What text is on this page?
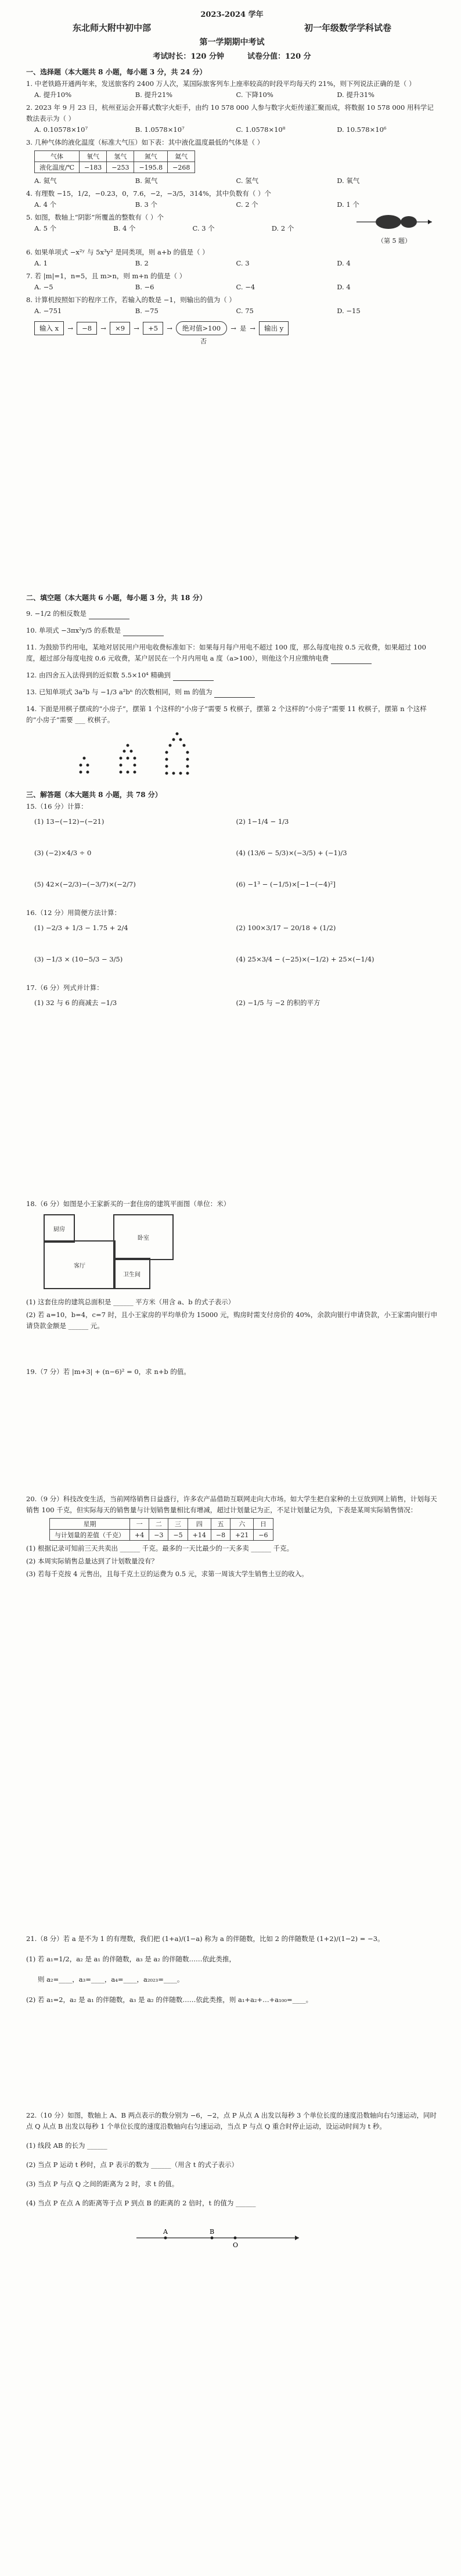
2023-2024 学年
东北师大附中初中部	初一年级数学学科试卷
第一学期期中考试
考试时长：120 分钟	试卷分值：120 分
一、选择题（本大题共 8 小题，每小题 3 分，共 24 分）
1. 中老铁路开通两年来，发送旅客约 2400 万人次，某国际旅客列车上座率较高的时段平均每天约 21%，则下列说法正确的是（ ）
A. 提升10%	B. 提升21%	C. 下降10%	D. 提升31%
2. 2023 年 9 月 23 日，杭州亚运会开幕式数字火炬手，由约 10 578 000 人参与数字火炬传递汇聚而成，将数据 10 578 000 用科学记数法表示为（ ）
A. 0.10578×10⁷	B. 1.0578×10⁷	C. 1.0578×10⁸	D. 10.578×10⁶
3. 几种气体的液化温度（标准大气压）如下表：其中液化温度最低的气体是（ ）
气体	氧气	氢气	氮气	氦气
液化温度/℃	−183	−253	−195.8	−268
A. 氦气	B. 氮气	C. 氢气	D. 氧气
4. 有理数 −15，1/2，−0.23，0，7.6，−2，−3/5，314%，其中负数有（ ）个
A. 4 个	B. 3 个	C. 2 个	D. 1 个
5. 如图，数轴上“阴影”所覆盖的整数有（ ）个
A. 5 个	B. 4 个	C. 3 个	D. 2 个
（第 5 题）
6. 如果单项式 −x²ʸ 与 5x³y² 是同类项，则 a+b 的值是（ ）
A. 1	B. 2	C. 3	D. 4
7. 若 |m|=1，n=5，且 m>n，则 m+n 的值是（ ）
A. −5	B. −6	C. −4	D. 4
8. 计算机按照如下的程序工作，若输入的数是 −1，则输出的值为（ ）
A. −751	B. −75	C. 75	D. −15
输入 x	→	−8	→	×9	→	+5	→	绝对值>100	→ 是 →	输出 y
否
二、填空题（本大题共 6 小题，每小题 3 分，共 18 分）
9. −1/2 的相反数是
10. 单项式 −3πx²y/5 的系数是
11. 为鼓励节约用电，某地对居民用户用电收费标准如下：如果每月每户用电不超过 100 度，那么每度电按 0.5 元收费，如果超过 100 度，超过部分每度电按 0.6 元收费，某户居民在一个月内用电 a 度（a>100），则他这个月应缴纳电费
12. 由四舍五入法得到的近似数 5.5×10⁴ 精确到
13. 已知单项式 3a²b 与 −1/3 a²bⁿ 的次数相同，则 m 的值为
14. 下面是用棋子摆成的“小房子”，摆第 1 个这样的“小房子”需要 5 枚棋子，摆第 2 个这样的“小房子”需要 11 枚棋子，摆第 n 个这样的“小房子”需要 ___ 枚棋子。
三、解答题（本大题共 8 小题，共 78 分）
15.（16 分）计算：
(1) 13−(−12)−(−21)	(2) 1−1/4 − 1/3
(3) (−2)×4/3 ÷ 0	(4) (13/6 − 5/3)×(−3/5) + (−1)/3
(5) 42×(−2/3)−(−3/7)×(−2/7)	(6) −1³ − (−1/5)×[−1−(−4)²]
16.（12 分）用简便方法计算：
(1) −2/3 + 1/3 − 1.75 + 2/4	(2) 100×3/17 − 20/18 + (1/2)
(3) −1/3 × (10−5/3 − 3/5)	(4) 25×3/4 − (−25)×(−1/2) + 25×(−1/4)
17.（6 分）列式并计算：
(1) 32 与 6 的商减去 −1/3	(2) −1/5 与 −2 的积的平方
18.（6 分）如图是小王家新买的一套住房的建筑平面图（单位：米）
厨房
客厅
卧室
卫生间
(1) 这套住房的建筑总面积是 ______ 平方米（用含 a、b 的式子表示）
(2) 若 a=10，b=4，c=7 时，且小王家房的平均单价为 15000 元，购房时需支付房价的 40%，余款向银行申请贷款，小王家需向银行申请贷款金额是 ______ 元。
19.（7 分）若 |m+3| + (n−6)² = 0，求 n+b 的值。
20.（9 分）科技改变生活，当前网络销售日益盛行，许多农产品借助互联网走向大市场。如大学生把自家种的土豆放到网上销售，计划每天销售 100 千克，但实际每天的销售量与计划销售量相比有增减，超过计划量记为正，不足计划量记为负，下表是某周实际销售情况：
星期	一	二	三	四	五	六	日
与计划量的差值（千克）	+4	−3	−5	+14	−8	+21	−6
(1) 根据记录可知前三天共卖出 ______ 千克。最多的一天比最少的一天多卖 ______ 千克。
(2) 本周实际销售总量达到了计划数量没有？
(3) 若每千克按 4 元售出，且每千克土豆的运费为 0.5 元，求第一周该大学生销售土豆的收入。
21.（8 分）若 a 是不为 1 的有理数，我们把 (1+a)/(1−a) 称为 a 的伴随数，比如 2 的伴随数是 (1+2)/(1−2) = −3。
(1) 若 a₁=1/2，a₂ 是 a₁ 的伴随数，a₃ 是 a₂ 的伴随数……依此类推，
则 a₂=____，a₃=____，a₄=____，a₂₀₂₃=____。
(2) 若 a₁=2，a₂ 是 a₁ 的伴随数，a₃ 是 a₂ 的伴随数……依此类推，则 a₁+a₂+…+a₁₀₀=____。
22.（10 分）如图，数轴上 A、B 两点表示的数分别为 −6，−2，点 P 从点 A 出发以每秒 3 个单位长度的速度沿数轴向右匀速运动，同时点 Q 从点 B 出发以每秒 1 个单位长度的速度沿数轴向右匀速运动，当点 P 与点 Q 重合时停止运动，设运动时间为 t 秒。
(1) 线段 AB 的长为 ______
(2) 当点 P 运动 t 秒时，点 P 表示的数为 ______（用含 t 的式子表示）
(3) 当点 P 与点 Q 之间的距离为 2 时，求 t 的值。
(4) 当点 P 在点 A 的距离等于点 P 到点 B 的距离的 2 倍时，t 的值为 ______
A	B
O
